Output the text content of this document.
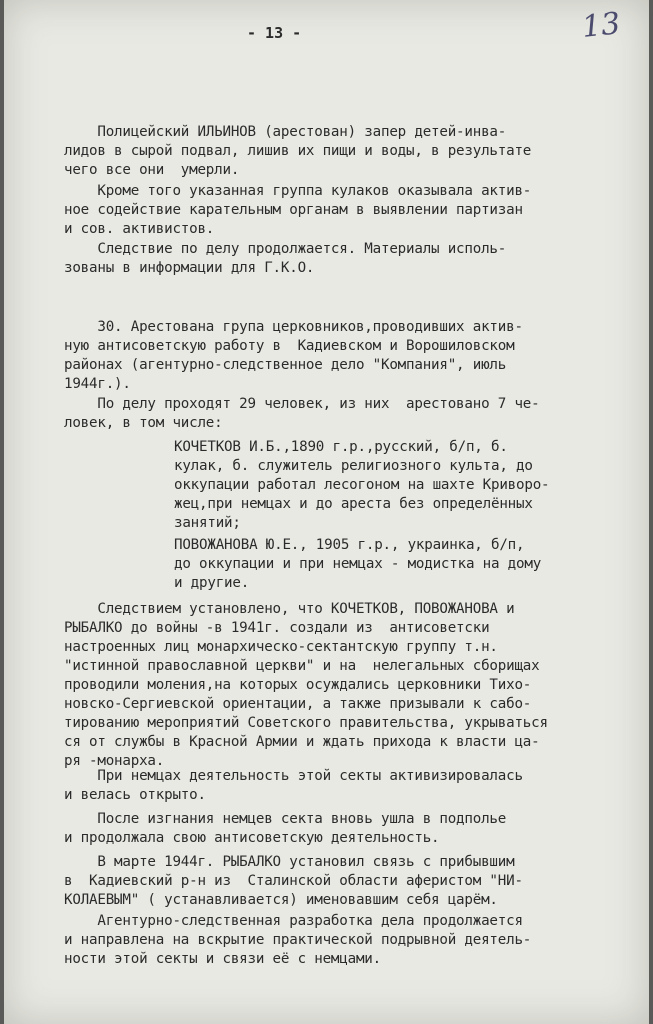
- 13 -	13
Полицейский ИЛЬИНОВ (арестован) запер детей-инва-
лидов в сырой подвал, лишив их пищи и воды, в результате
чего все они  умерли.
Кроме того указанная группа кулаков оказывала актив-
ное содействие карательным органам в выявлении партизан
и сов. активистов.
Следствие по делу продолжается. Материалы исполь-
зованы в информации для Г.К.О.
30. Арестована група церковников,проводивших актив-
ную антисоветскую работу в  Кадиевском и Ворошиловском
районах (агентурно-следственное дело "Компания", июль
1944г.).
По делу проходят 29 человек, из них  арестовано 7 че-
ловек, в том числе:
КОЧЕТКОВ И.Б.,1890 г.р.,русский, б/п, б.
кулак, б. служитель религиозного культа, до
оккупации работал лесогоном на шахте Криворо-
жец,при немцах и до ареста без определённых
занятий;
ПОВОЖАНОВА Ю.Е., 1905 г.р., украинка, б/п,
до оккупации и при немцах - модистка на дому
и другие.
Следствием установлено, что КОЧЕТКОВ, ПОВОЖАНОВА и
РЫБАЛКО до войны -в 1941г. создали из  антисоветски
настроенных лиц монархическо-сектантскую группу т.н.
"истинной православной церкви" и на  нелегальных сборищах
проводили моления,на которых осуждались церковники Тихо-
новско-Сергиевской ориентации, а также призывали к сабо-
тированию мероприятий Советского правительства, укрываться
ся от службы в Красной Армии и ждать прихода к власти ца-
ря -монарха.
При немцах деятельность этой секты активизировалась
и велась открыто.
После изгнания немцев секта вновь ушла в подполье
и продолжала свою антисоветскую деятельность.
В марте 1944г. РЫБАЛКО установил связь с прибывшим
в  Кадиевский р-н из  Сталинской области аферистом "НИ-
КОЛАЕВЫМ" ( устанавливается) именовавшим себя царём.
Агентурно-следственная разработка дела продолжается
и направлена на вскрытие практической подрывной деятель-
ности этой секты и связи её с немцами.
